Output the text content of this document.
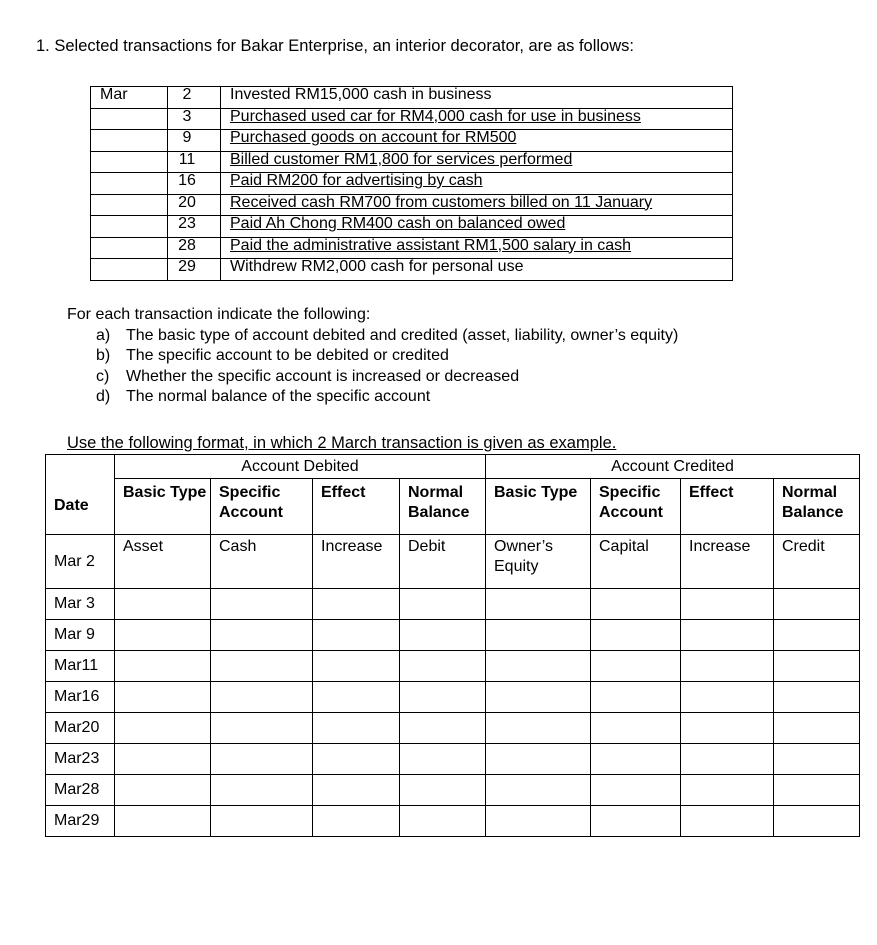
1. Selected transactions for Bakar Enterprise, an interior decorator, are as follows:
Mar	2	Invested RM15,000 cash in business
	3	Purchased used car for RM4,000 cash for use in business
	9	Purchased goods on account for RM500
	11	Billed customer RM1,800 for services performed
	16	Paid RM200 for advertising by cash
	20	Received cash RM700 from customers billed on 11 January
	23	Paid Ah Chong RM400 cash on balanced owed
	28	Paid the administrative assistant RM1,500 salary in cash
	29	Withdrew RM2,000 cash for personal use
For each transaction indicate the following:
a) The basic type of account debited and credited (asset, liability, owner’s equity)
b) The specific account to be debited or credited
c) Whether the specific account is increased or decreased
d) The normal balance of the specific account
Use the following format, in which 2 March transaction is given as example.
	Account Debited				Account Credited			
Date	Basic Type	Specific Account	Effect	Normal Balance	Basic Type	Specific Account	Effect	Normal Balance
Mar 2	Asset	Cash	Increase	Debit	Owner’s Equity	Capital	Increase	Credit
Mar 3								
Mar 9								
Mar11								
Mar16								
Mar20								
Mar23								
Mar28								
Mar29								
